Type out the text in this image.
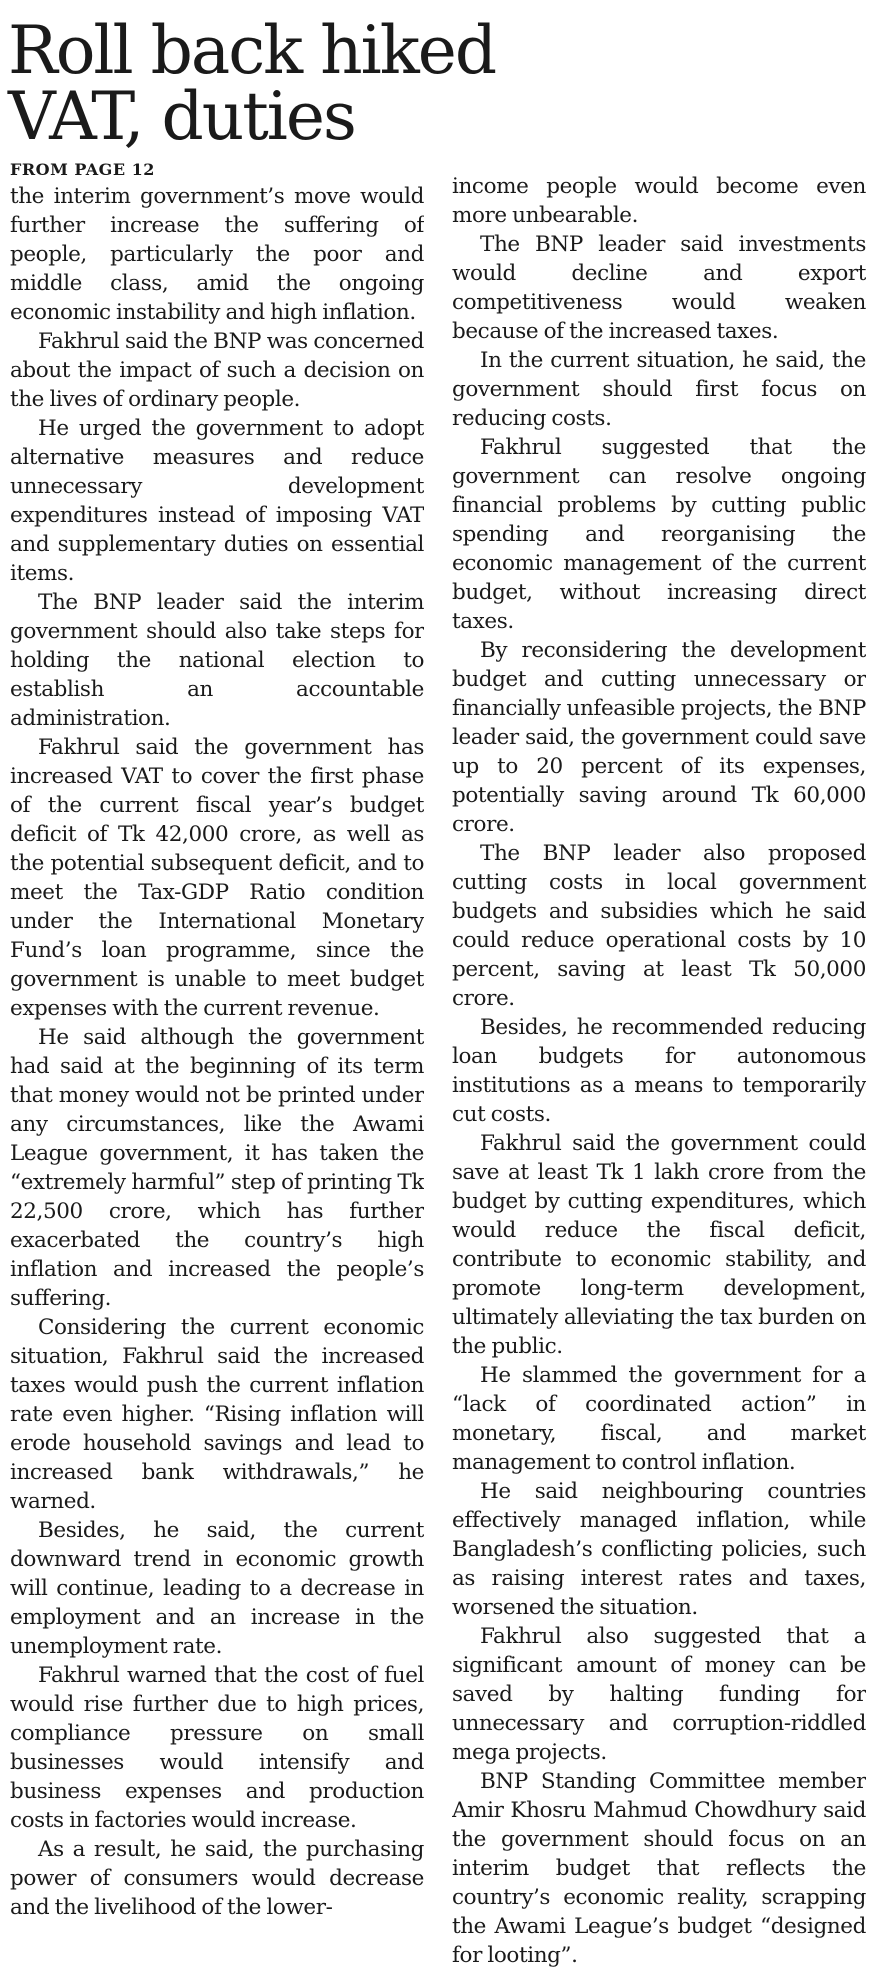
Roll back hiked
VAT, duties
FROM PAGE 12

the interim government’s move would further increase the suffering of people, particularly the poor and middle class, amid the ongoing economic instability and high inflation.

Fakhrul said the BNP was concerned about the impact of such a decision on the lives of ordinary people.

He urged the government to adopt alternative measures and reduce unnecessary development expenditures instead of imposing VAT and supplementary duties on essential items.

The BNP leader said the interim government should also take steps for holding the national election to establish an accountable administration.

Fakhrul said the government has increased VAT to cover the first phase of the current fiscal year’s budget deficit of Tk 42,000 crore, as well as the potential subsequent deficit, and to meet the Tax-GDP Ratio condition under the International Monetary Fund’s loan programme, since the government is unable to meet budget expenses with the current revenue.

He said although the government had said at the beginning of its term that money would not be printed under any circumstances, like the Awami League government, it has taken the “extremely harmful” step of printing Tk 22,500 crore, which has further exacerbated the country’s high inflation and increased the people’s suffering.

Considering the current economic situation, Fakhrul said the increased taxes would push the current inflation rate even higher. “Rising inflation will erode household savings and lead to increased bank withdrawals,” he warned.

Besides, he said, the current downward trend in economic growth will continue, leading to a decrease in employment and an increase in the unemployment rate.

Fakhrul warned that the cost of fuel would rise further due to high prices, compliance pressure on small businesses would intensify and business expenses and production costs in factories would increase.

As a result, he said, the purchasing power of consumers would decrease and the livelihood of the lower-

income people would become even more unbearable.

The BNP leader said investments would decline and export competitiveness would weaken because of the increased taxes.

In the current situation, he said, the government should first focus on reducing costs.

Fakhrul suggested that the government can resolve ongoing financial problems by cutting public spending and reorganising the economic management of the current budget, without increasing direct taxes.

By reconsidering the development budget and cutting unnecessary or financially unfeasible projects, the BNP leader said, the government could save up to 20 percent of its expenses, potentially saving around Tk 60,000 crore.

The BNP leader also proposed cutting costs in local government budgets and subsidies which he said could reduce operational costs by 10 percent, saving at least Tk 50,000 crore.

Besides, he recommended reducing loan budgets for autonomous institutions as a means to temporarily cut costs.

Fakhrul said the government could save at least Tk 1 lakh crore from the budget by cutting expenditures, which would reduce the fiscal deficit, contribute to economic stability, and promote long-term development, ultimately alleviating the tax burden on the public.

He slammed the government for a “lack of coordinated action” in monetary, fiscal, and market management to control inflation.

He said neighbouring countries effectively managed inflation, while Bangladesh’s conflicting policies, such as raising interest rates and taxes, worsened the situation.

Fakhrul also suggested that a significant amount of money can be saved by halting funding for unnecessary and corruption-riddled mega projects.

BNP Standing Committee member Amir Khosru Mahmud Chowdhury said the government should focus on an interim budget that reflects the country’s economic reality, scrapping the Awami League’s budget “designed for looting”.
